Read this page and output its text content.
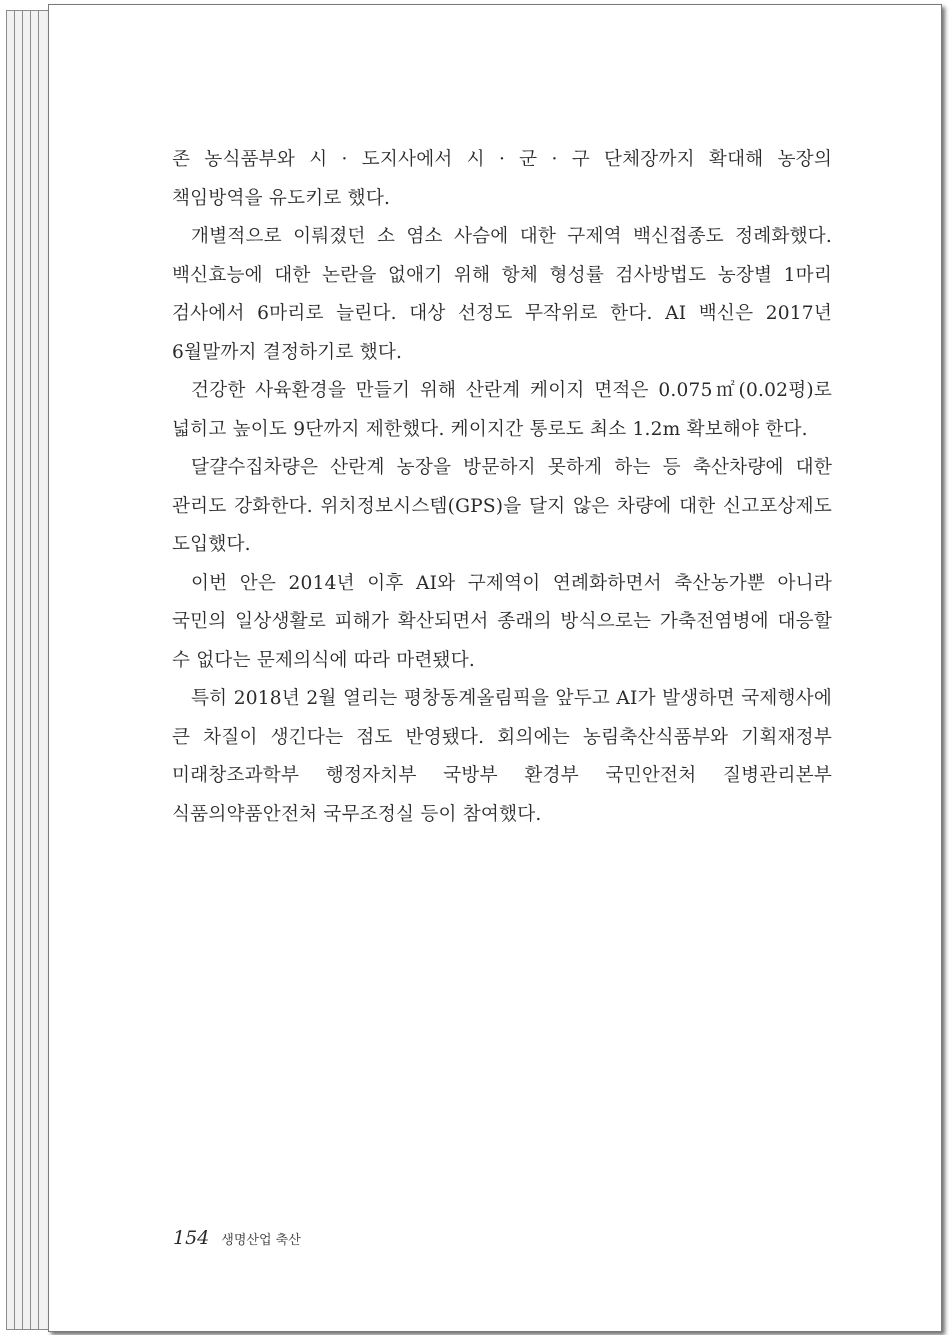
존 농식품부와 시 · 도지사에서 시 · 군 · 구 단체장까지 확대해 농장의 책임방역을 유도키로 했다.

개별적으로 이뤄졌던 소 염소 사슴에 대한 구제역 백신접종도 정례화했다. 백신효능에 대한 논란을 없애기 위해 항체 형성률 검사방법도 농장별 1마리 검사에서 6마리로 늘린다. 대상 선정도 무작위로 한다. AI 백신은 2017년 6월말까지 결정하기로 했다.

건강한 사육환경을 만들기 위해 산란계 케이지 면적은 0.075㎡(0.02평)로 넓히고 높이도 9단까지 제한했다. 케이지간 통로도 최소 1.2m 확보해야 한다.

달걀수집차량은 산란계 농장을 방문하지 못하게 하는 등 축산차량에 대한 관리도 강화한다. 위치정보시스템(GPS)을 달지 않은 차량에 대한 신고포상제도 도입했다.

이번 안은 2014년 이후 AI와 구제역이 연례화하면서 축산농가뿐 아니라 국민의 일상생활로 피해가 확산되면서 종래의 방식으로는 가축전염병에 대응할 수 없다는 문제의식에 따라 마련됐다.

특히 2018년 2월 열리는 평창동계올림픽을 앞두고 AI가 발생하면 국제행사에 큰 차질이 생긴다는 점도 반영됐다. 회의에는 농림축산식품부와 기획재정부 미래창조과학부 행정자치부 국방부 환경부 국민안전처 질병관리본부 식품의약품안전처 국무조정실 등이 참여했다.

154 생명산업 축산
